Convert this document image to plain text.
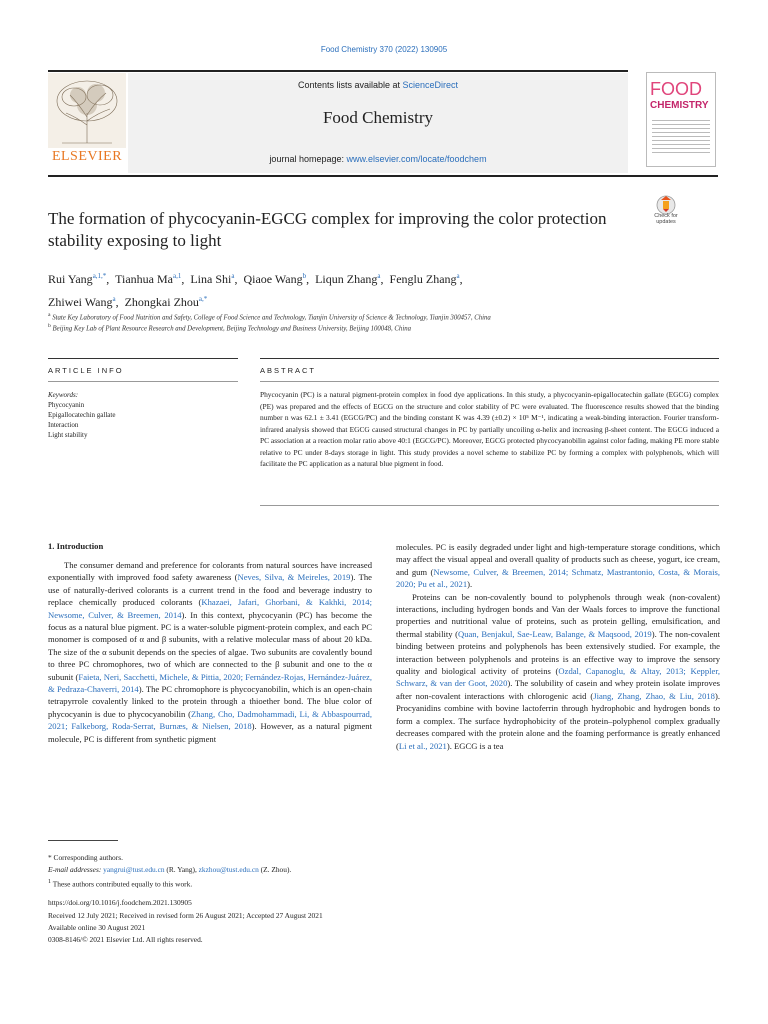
Food Chemistry 370 (2022) 130905
ELSEVIER
Contents lists available at ScienceDirect
Food Chemistry
journal homepage: www.elsevier.com/locate/foodchem
FOOD
CHEMISTRY
The formation of phycocyanin-EGCG complex for improving the color protection stability exposing to light
Check for updates
Rui Yang$^{a,1,*}$,  Tianhua Ma$^{a,1}$,  Lina Shi$^a$,  Qiaoe Wang$^b$,  Liqun Zhang$^a$,  Fenglu Zhang$^a$,
Zhiwei Wang$^a$,  Zhongkai Zhou$^{a,*}$
$^a$ State Key Laboratory of Food Nutrition and Safety, College of Food Science and Technology, Tianjin University of Science & Technology, Tianjin 300457, China
$^b$ Beijing Key Lab of Plant Resource Research and Development, Beijing Technology and Business University, Beijing 100048, China
ARTICLE INFO	ABSTRACT
Keywords:
Phycocyanin
Epigallocatechin gallate
Interaction
Light stability
Phycocyanin (PC) is a natural pigment-protein complex in food dye applications. In this study, a phycocyanin-epigallocatechin gallate (EGCG) complex (PE) was prepared and the effects of EGCG on the structure and color stability of PC were evaluated. The fluorescence results showed that the binding number n was 62.1 ± 3.41 (EGCG/PC) and the binding constant K was 4.39 (±0.2) × 10⁵ M⁻¹, indicating a weak-binding interaction. Fourier transform-infrared analysis showed that EGCG caused structural changes in PC by partially uncoiling α-helix and increasing β-sheet content. The EGCG induced a PC association at a reaction molar ratio above 40:1 (EGCG/PC). Moreover, EGCG protected phycocyanobilin against color fading, making PE more stable relative to PC under 8-days storage in light. This study provides a novel scheme to stabilize PC by forming a complex with polyphenols, which will facilitate the PC application as a natural blue pigment in food.
1. Introduction

The consumer demand and preference for colorants from natural sources have increased exponentially with improved food safety awareness (Neves, Silva, & Meireles, 2019). The use of naturally-derived colorants is a current trend in the food and beverage industry to replace chemically produced colorants (Khazaei, Jafari, Ghorbani, & Kakhki, 2014; Newsome, Culver, & Breemen, 2014). In this context, phycocyanin (PC) has become the focus as a natural blue pigment. PC is a water-soluble pigment-protein complex, and each PC monomer is composed of α and β subunits, with a relative molecular mass of about 20 kDa. The size of the α subunit depends on the species of algae. Two subunits are covalently bound to three PC chromophores, two of which are connected to the β subunit and one to the α subunit (Faieta, Neri, Sacchetti, Michele, & Pittia, 2020; Fernández-Rojas, Hernández-Juárez, & Pedraza-Chaverri, 2014). The PC chromophore is phycocyanobilin, which is an open-chain tetrapyrrole covalently linked to the protein through a thioether bond. The blue color of phycocyanin is due to phycocyanobilin (Zhang, Cho, Dadmohammadi, Li, & Abbaspourrad, 2021; Falkeborg, Roda-Serrat, Burnæs, & Nielsen, 2018). However, as a natural pigment molecule, PC is different from synthetic pigment

molecules. PC is easily degraded under light and high-temperature storage conditions, which may affect the visual appeal and overall quality of products such as cheese, yogurt, ice cream, and gum (Newsome, Culver, & Breemen, 2014; Schmatz, Mastrantonio, Costa, & Morais, 2020; Pu et al., 2021).

Proteins can be non-covalently bound to polyphenols through weak (non-covalent) interactions, including hydrogen bonds and Van der Waals forces to improve the functional properties and nutritional value of proteins, such as protein gelling, emulsification, and thermal stability (Quan, Benjakul, Sae-Leaw, Balange, & Maqsood, 2019). The non-covalent binding between proteins and polyphenols has been extensively studied. For example, the interaction between polyphenols and proteins is an effective way to improve the sensory quality and biological activity of proteins (Ozdal, Capanoglu, & Altay, 2013; Keppler, Schwarz, & van der Goot, 2020). The solubility of casein and whey protein isolate improves after non-covalent interactions with chlorogenic acid (Jiang, Zhang, Zhao, & Liu, 2018). Procyanidins combine with bovine lactoferrin through hydrophobic and hydrogen bonds to form a complex. The surface hydrophobicity of the protein–polyphenol complex gradually decreases compared with the protein alone and the foaming performance is greatly enhanced (Li et al., 2021). EGCG is a tea

* Corresponding authors.
E-mail addresses: yangrui@tust.edu.cn (R. Yang), zkzhou@tust.edu.cn (Z. Zhou).
$^1$ These authors contributed equally to this work.
https://doi.org/10.1016/j.foodchem.2021.130905
Received 12 July 2021; Received in revised form 26 August 2021; Accepted 27 August 2021
Available online 30 August 2021
0308-8146/© 2021 Elsevier Ltd. All rights reserved.
